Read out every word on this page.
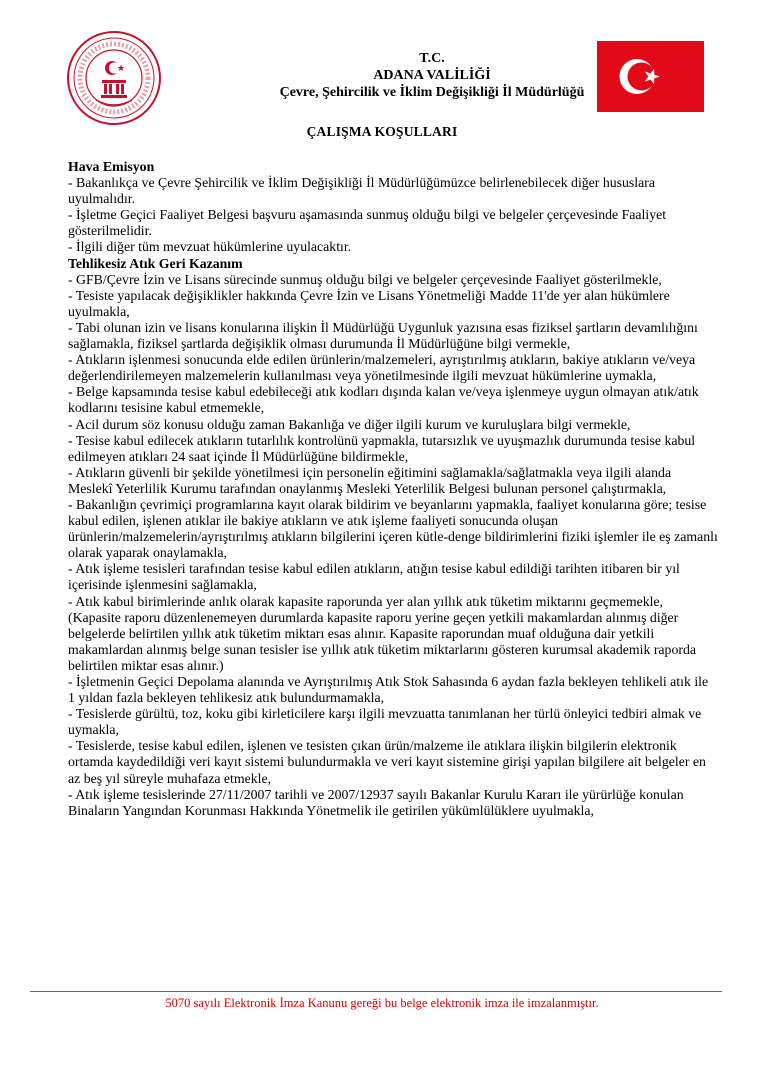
T.C.
ADANA VALİLİĞİ
Çevre, Şehircilik ve İklim Değişikliği İl Müdürlüğü
ÇALIŞMA KOŞULLARI

Hava Emisyon

- Bakanlıkça ve Çevre Şehircilik ve İklim Değişikliği İl Müdürlüğümüzce belirlenebilecek diğer hususlara uyulmalıdır.

- İşletme Geçici Faaliyet Belgesi başvuru aşamasında sunmuş olduğu bilgi ve belgeler çerçevesinde Faaliyet gösterilmelidir.

- İlgili diğer tüm mevzuat hükümlerine uyulacaktır.

Tehlikesiz Atık Geri Kazanım

- GFB/Çevre İzin ve Lisans sürecinde sunmuş olduğu bilgi ve belgeler çerçevesinde Faaliyet gösterilmekle,

- Tesiste yapılacak değişiklikler hakkında Çevre İzin ve Lisans Yönetmeliği Madde 11'de yer alan hükümlere uyulmakla,

- Tabi olunan izin ve lisans konularına ilişkin İl Müdürlüğü Uygunluk yazısına esas fiziksel şartların devamlılığını sağlamakla, fiziksel şartlarda değişiklik olması durumunda İl Müdürlüğüne bilgi vermekle,

- Atıkların işlenmesi sonucunda elde edilen ürünlerin/malzemeleri, ayrıştırılmış atıkların, bakiye atıkların ve/veya değerlendirilemeyen malzemelerin kullanılması veya yönetilmesinde ilgili mevzuat hükümlerine uymakla,

- Belge kapsamında tesise kabul edebileceği atık kodları dışında kalan ve/veya işlenmeye uygun olmayan atık/atık kodlarını tesisine kabul etmemekle,

- Acil durum söz konusu olduğu zaman Bakanlığa ve diğer ilgili kurum ve kuruluşlara bilgi vermekle,

- Tesise kabul edilecek atıkların tutarlılık kontrolünü yapmakla, tutarsızlık ve uyuşmazlık durumunda tesise kabul edilmeyen atıkları 24 saat içinde İl Müdürlüğüne bildirmekle,

- Atıkların güvenli bir şekilde yönetilmesi için personelin eğitimini sağlamakla/sağlatmakla veya ilgili alanda Meslekî Yeterlilik Kurumu tarafından onaylanmış Mesleki Yeterlilik Belgesi bulunan personel çalıştırmakla,

- Bakanlığın çevrimiçi programlarına kayıt olarak bildirim ve beyanlarını yapmakla, faaliyet konularına göre; tesise kabul edilen, işlenen atıklar ile bakiye atıkların ve atık işleme faaliyeti sonucunda oluşan ürünlerin/malzemelerin/ayrıştırılmış atıkların bilgilerini içeren kütle-denge bildirimlerini fiziki işlemler ile eş zamanlı olarak yaparak onaylamakla,

- Atık işleme tesisleri tarafından tesise kabul edilen atıkların, atığın tesise kabul edildiği tarihten itibaren bir yıl içerisinde işlenmesini sağlamakla,

- Atık kabul birimlerinde anlık olarak kapasite raporunda yer alan yıllık atık tüketim miktarını geçmemekle, (Kapasite raporu düzenlenemeyen durumlarda kapasite raporu yerine geçen yetkili makamlardan alınmış diğer belgelerde belirtilen yıllık atık tüketim miktarı esas alınır. Kapasite raporundan muaf olduğuna dair yetkili makamlardan alınmış belge sunan tesisler ise yıllık atık tüketim miktarlarını gösteren kurumsal akademik raporda belirtilen miktar esas alınır.)

- İşletmenin Geçici Depolama alanında ve Ayrıştırılmış Atık Stok Sahasında 6 aydan fazla bekleyen tehlikeli atık ile 1 yıldan fazla bekleyen tehlikesiz atık bulundurmamakla,

- Tesislerde gürültü, toz, koku gibi kirleticilere karşı ilgili mevzuatta tanımlanan her türlü önleyici tedbiri almak ve uymakla,

- Tesislerde, tesise kabul edilen, işlenen ve tesisten çıkan ürün/malzeme ile atıklara ilişkin bilgilerin elektronik ortamda kaydedildiği veri kayıt sistemi bulundurmakla ve veri kayıt sistemine girişi yapılan bilgilere ait belgeler en az beş yıl süreyle muhafaza etmekle,

- Atık işleme tesislerinde 27/11/2007 tarihli ve 2007/12937 sayılı Bakanlar Kurulu Kararı ile yürürlüğe konulan Binaların Yangından Korunması Hakkında Yönetmelik ile getirilen yükümlülüklere uyulmakla,

5070 sayılı Elektronik İmza Kanunu gereği bu belge elektronik imza ile imzalanmıştır.
